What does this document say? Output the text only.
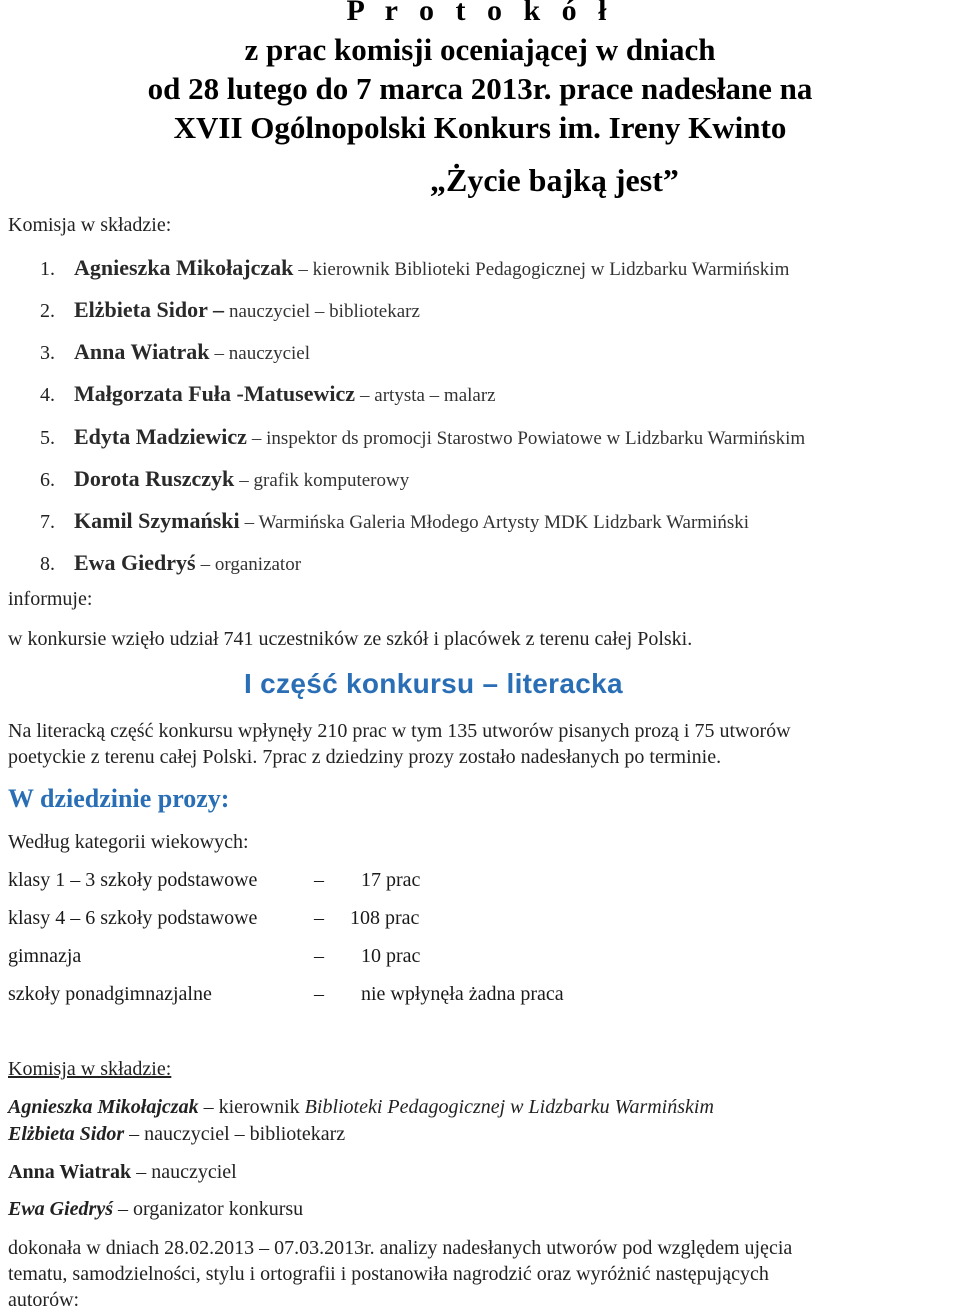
P r o t o k ó ł
z prac komisji oceniającej w dniach
od 28 lutego do 7 marca 2013r. prace nadesłane na
XVII Ogólnopolski Konkurs im. Ireny Kwinto
„Życie bajką jest”
Komisja w składzie:
1. Agnieszka Mikołajczak – kierownik Biblioteki Pedagogicznej w Lidzbarku Warmińskim
2. Elżbieta Sidor – nauczyciel – bibliotekarz
3. Anna Wiatrak – nauczyciel
4. Małgorzata Fuła -Matusewicz – artysta – malarz
5. Edyta Madziewicz – inspektor ds promocji Starostwo Powiatowe w Lidzbarku Warmińskim
6. Dorota Ruszczyk – grafik komputerowy
7. Kamil Szymański – Warmińska Galeria Młodego Artysty MDK Lidzbark Warmiński
8. Ewa Giedryś – organizator
informuje:
w konkursie wzięło udział 741 uczestników ze szkół i placówek z terenu całej Polski.
I część konkursu – literacka
Na literacką część konkursu wpłynęły 210 prac w tym 135 utworów pisanych prozą i 75 utworów
poetyckie z terenu całej Polski. 7prac z dziedziny prozy zostało nadesłanych po terminie.
W dziedzinie prozy:
Według kategorii wiekowych:
klasy 1 – 3 szkoły podstawowe	– 17 prac
klasy 4 – 6 szkoły podstawowe	– 108 prac
gimnazja	– 10 prac
szkoły ponadgimnazjalne	– nie wpłynęła żadna praca
Komisja w składzie:
Agnieszka Mikołajczak – kierownik Biblioteki Pedagogicznej w Lidzbarku Warmińskim
Elżbieta Sidor – nauczyciel – bibliotekarz
Anna Wiatrak – nauczyciel
Ewa Giedryś – organizator konkursu
dokonała w dniach 28.02.2013 – 07.03.2013r. analizy nadesłanych utworów pod względem ujęcia
tematu, samodzielności, stylu i ortografii i postanowiła nagrodzić oraz wyróżnić następujących
autorów:
